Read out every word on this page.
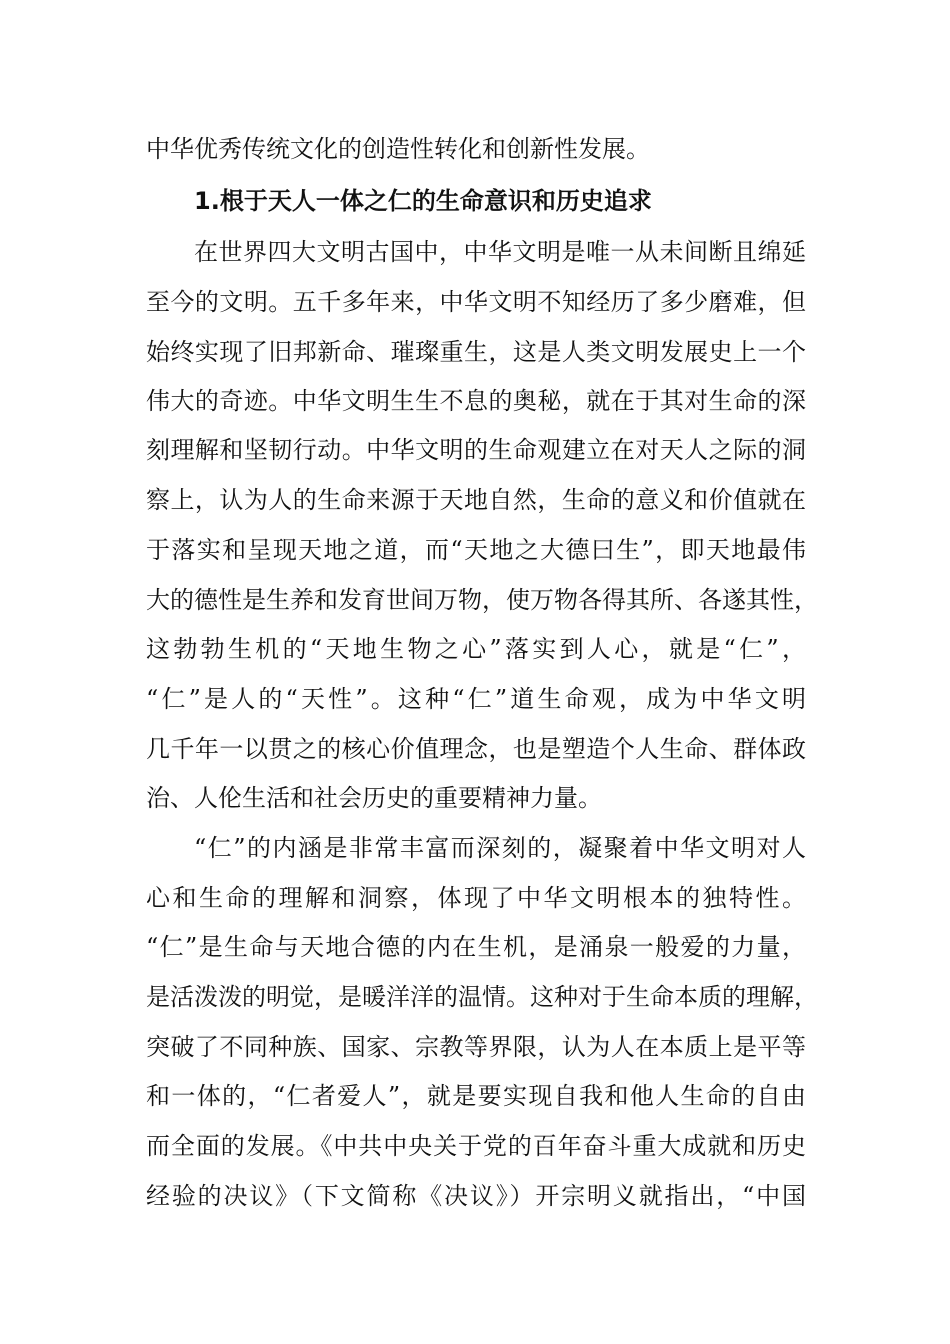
中华优秀传统文化的创造性转化和创新性发展。
1.根于天人一体之仁的生命意识和历史追求
在世界四大文明古国中，中华文明是唯一从未间断且绵延
至今的文明。五千多年来，中华文明不知经历了多少磨难，但
始终实现了旧邦新命、璀璨重生，这是人类文明发展史上一个
伟大的奇迹。中华文明生生不息的奥秘，就在于其对生命的深
刻理解和坚韧行动。中华文明的生命观建立在对天人之际的洞
察上，认为人的生命来源于天地自然，生命的意义和价值就在
于落实和呈现天地之道，而“天地之大德曰生”，即天地最伟
大的德性是生养和发育世间万物，使万物各得其所、各遂其性，
这勃勃生机的“天地生物之心”落实到人心，就是“仁”，
“仁”是人的“天性”。这种“仁”道生命观，成为中华文明
几千年一以贯之的核心价值理念，也是塑造个人生命、群体政
治、人伦生活和社会历史的重要精神力量。
“仁”的内涵是非常丰富而深刻的，凝聚着中华文明对人
心和生命的理解和洞察，体现了中华文明根本的独特性。
“仁”是生命与天地合德的内在生机，是涌泉一般爱的力量，
是活泼泼的明觉，是暖洋洋的温情。这种对于生命本质的理解，
突破了不同种族、国家、宗教等界限，认为人在本质上是平等
和一体的，“仁者爱人”，就是要实现自我和他人生命的自由
而全面的发展。《中共中央关于党的百年奋斗重大成就和历史
经验的决议》（下文简称《决议》）开宗明义就指出，“中国
